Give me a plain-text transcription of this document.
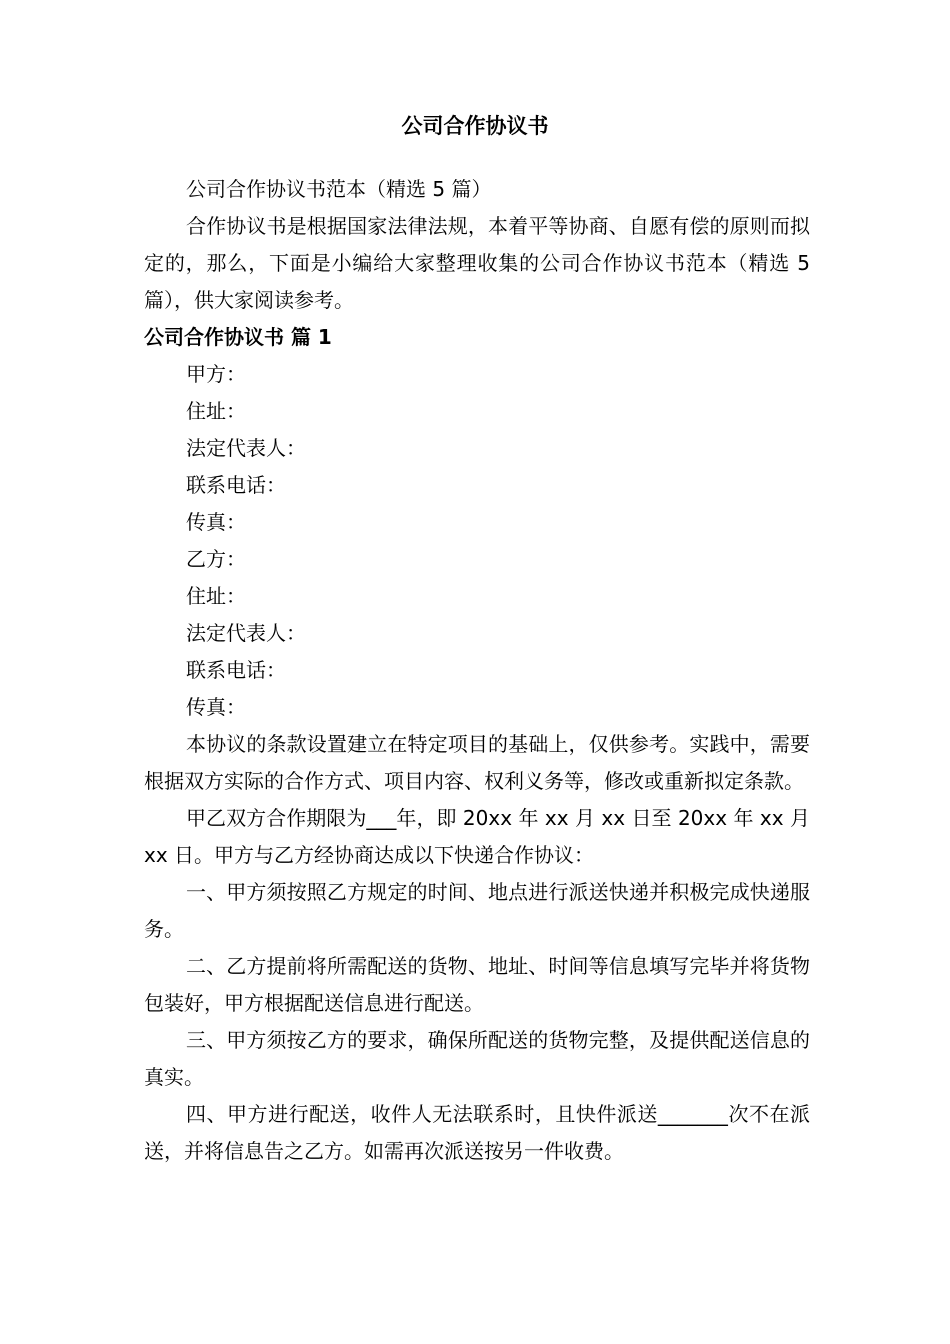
公司合作协议书

公司合作协议书范本（精选 5 篇）

合作协议书是根据国家法律法规，本着平等协商、自愿有偿的原则而拟定的，那么，下面是小编给大家整理收集的公司合作协议书范本（精选 5 篇），供大家阅读参考。

公司合作协议书 篇 1

甲方：

住址：

法定代表人：

联系电话：

传真：

乙方：

住址：

法定代表人：

联系电话：

传真：

本协议的条款设置建立在特定项目的基础上，仅供参考。实践中，需要根据双方实际的合作方式、项目内容、权利义务等，修改或重新拟定条款。

甲乙双方合作期限为___年，即 20xx 年 xx 月 xx 日至 20xx 年 xx 月 xx 日。甲方与乙方经协商达成以下快递合作协议：

一、甲方须按照乙方规定的时间、地点进行派送快递并积极完成快递服务。

二、乙方提前将所需配送的货物、地址、时间等信息填写完毕并将货物包装好，甲方根据配送信息进行配送。

三、甲方须按乙方的要求，确保所配送的货物完整，及提供配送信息的真实。

四、甲方进行配送，收件人无法联系时，且快件派送_______次不在派送，并将信息告之乙方。如需再次派送按另一件收费。
